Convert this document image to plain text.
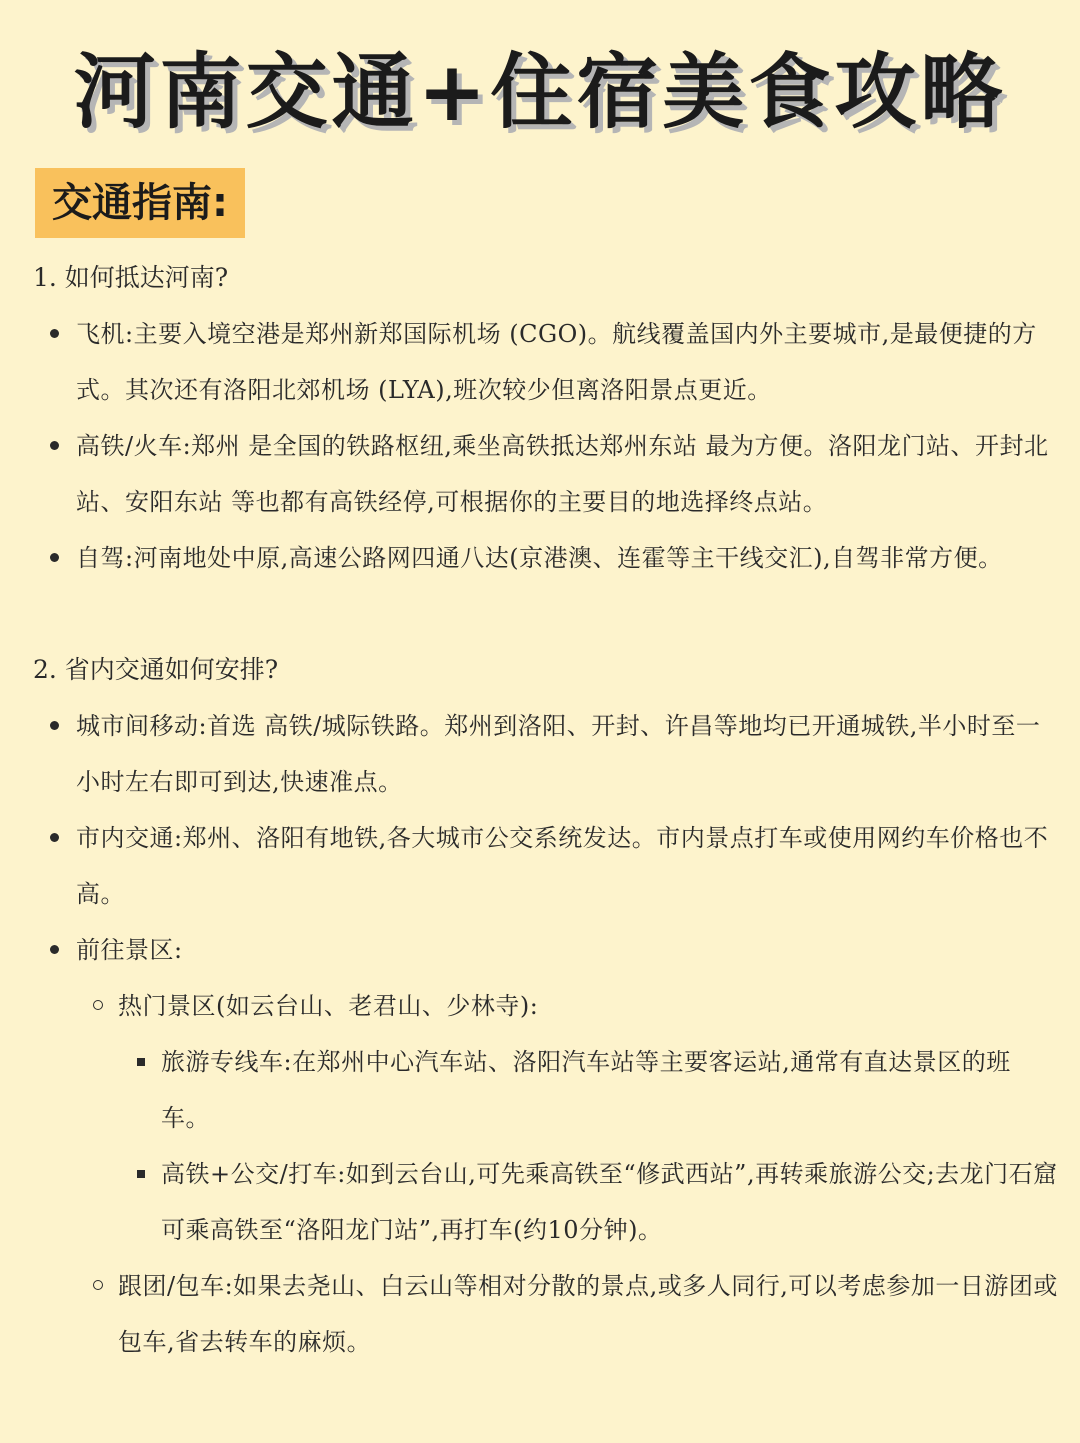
河南交通+住宿美食攻略
交通指南:
1. 如何抵达河南?
飞机:主要入境空港是郑州新郑国际机场 (CGO)。航线覆盖国内外主要城市,是最便捷的方式。其次还有洛阳北郊机场 (LYA),班次较少但离洛阳景点更近。
高铁/火车:郑州 是全国的铁路枢纽,乘坐高铁抵达郑州东站 最为方便。洛阳龙门站、开封北站、安阳东站 等也都有高铁经停,可根据你的主要目的地选择终点站。
自驾:河南地处中原,高速公路网四通八达(京港澳、连霍等主干线交汇),自驾非常方便。
2. 省内交通如何安排?
城市间移动:首选 高铁/城际铁路。郑州到洛阳、开封、许昌等地均已开通城铁,半小时至一小时左右即可到达,快速准点。
市内交通:郑州、洛阳有地铁,各大城市公交系统发达。市内景点打车或使用网约车价格也不高。
前往景区:
热门景区(如云台山、老君山、少林寺):
旅游专线车:在郑州中心汽车站、洛阳汽车站等主要客运站,通常有直达景区的班车。
高铁+公交/打车:如到云台山,可先乘高铁至“修武西站”,再转乘旅游公交;去龙门石窟可乘高铁至“洛阳龙门站”,再打车(约10分钟)。
跟团/包车:如果去尧山、白云山等相对分散的景点,或多人同行,可以考虑参加一日游团或包车,省去转车的麻烦。
